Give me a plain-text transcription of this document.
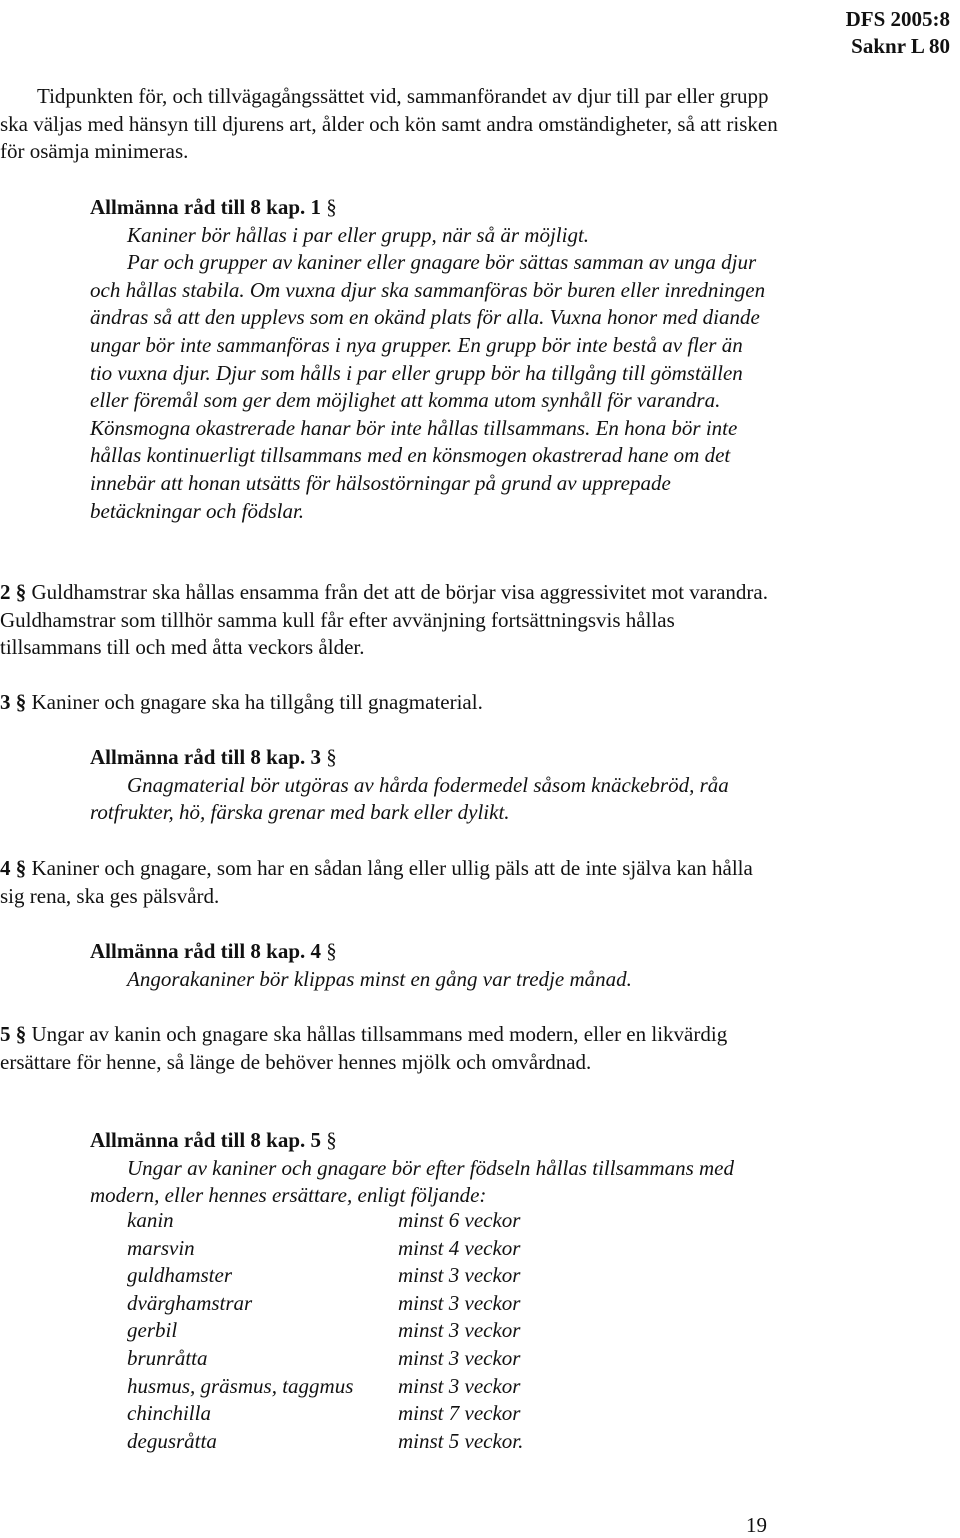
DFS 2005:8
Saknr L 80
Tidpunkten för, och tillvägagångssättet vid, sammanförandet av djur till par eller grupp ska väljas med hänsyn till djurens art, ålder och kön samt andra omständigheter, så att risken för osämja minimeras.
Allmänna råd till 8 kap. 1 §
Kaniner bör hållas i par eller grupp, när så är möjligt.
Par och grupper av kaniner eller gnagare bör sättas samman av unga djur och hållas stabila. Om vuxna djur ska sammanföras bör buren eller inredningen ändras så att den upplevs som en okänd plats för alla. Vuxna honor med diande ungar bör inte sammanföras i nya grupper. En grupp bör inte bestå av fler än tio vuxna djur. Djur som hålls i par eller grupp bör ha tillgång till gömställen eller föremål som ger dem möjlighet att komma utom synhåll för varandra. Könsmogna okastrerade hanar bör inte hållas tillsammans. En hona bör inte hållas kontinuerligt tillsammans med en könsmogen okastrerad hane om det innebär att honan utsätts för hälsostörningar på grund av upprepade betäckningar och födslar.
2 § Guldhamstrar ska hållas ensamma från det att de börjar visa aggressivitet mot varandra. Guldhamstrar som tillhör samma kull får efter avvänjning fortsättningsvis hållas tillsammans till och med åtta veckors ålder.
3 § Kaniner och gnagare ska ha tillgång till gnagmaterial.
Allmänna råd till 8 kap. 3 §
Gnagmaterial bör utgöras av hårda fodermedel såsom knäckebröd, råa rotfrukter, hö, färska grenar med bark eller dylikt.
4 § Kaniner och gnagare, som har en sådan lång eller ullig päls att de inte själva kan hålla sig rena, ska ges pälsvård.
Allmänna råd till 8 kap. 4 §
Angorakaniner bör klippas minst en gång var tredje månad.
5 § Ungar av kanin och gnagare ska hållas tillsammans med modern, eller en likvärdig ersättare för henne, så länge de behöver hennes mjölk och omvårdnad.
Allmänna råd till 8 kap. 5 §
Ungar av kaniner och gnagare bör efter födseln hållas tillsammans med modern, eller hennes ersättare, enligt följande:
kanin	minst 6 veckor
marsvin	minst 4 veckor
guldhamster	minst 3 veckor
dvärghamstrar	minst 3 veckor
gerbil	minst 3 veckor
brunråtta	minst 3 veckor
husmus, gräsmus, taggmus	minst 3 veckor
chinchilla	minst 7 veckor
degusråtta	minst 5 veckor.
19
